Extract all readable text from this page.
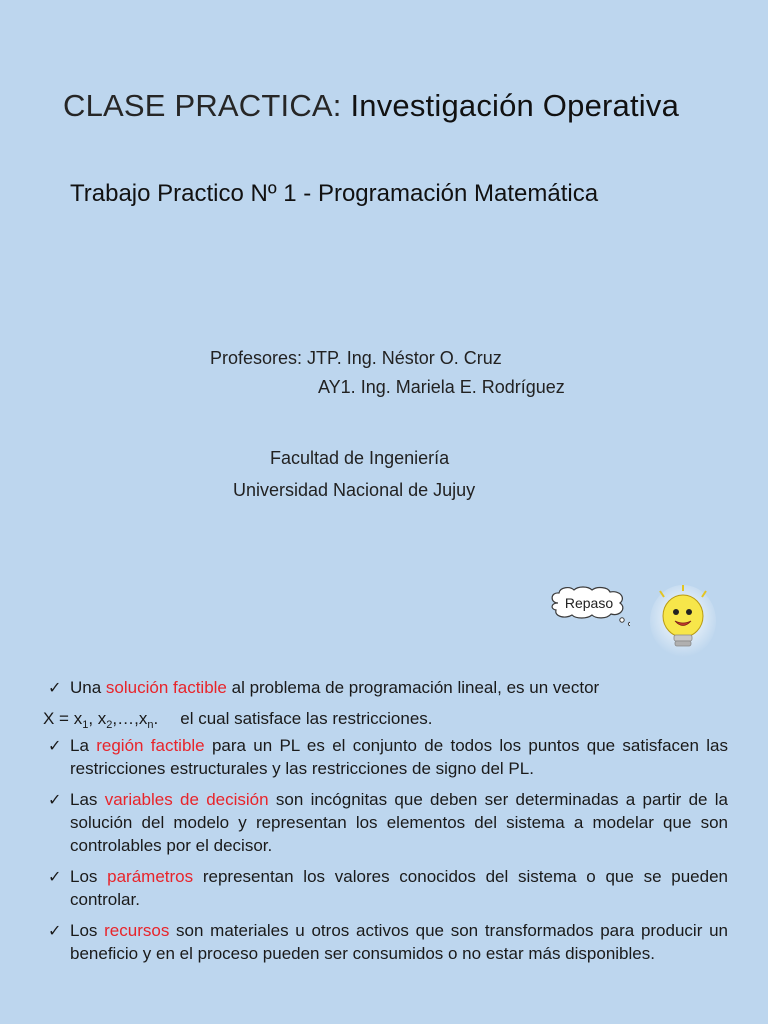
CLASE PRACTICA: Investigación Operativa
Trabajo Practico Nº 1 - Programación Matemática
Profesores: JTP. Ing. Néstor O. Cruz
AY1. Ing. Mariela E. Rodríguez
Facultad de Ingeniería
Universidad Nacional de Jujuy
Repaso
✓ Una solución factible al problema de programación lineal, es un vector
$X = x_1$, $x_2,\dots,x_n$. el cual satisface las restricciones.
✓ La región factible para un PL es el conjunto de todos los puntos que satisfacen las restricciones estructurales y las restricciones de signo del PL.
✓ Las variables de decisión son incógnitas que deben ser determinadas a partir de la solución del modelo y representan los elementos del sistema a modelar que son controlables por el decisor.
✓ Los parámetros representan los valores conocidos del sistema o que se pueden controlar.
✓ Los recursos son materiales u otros activos que son transformados para producir un beneficio y en el proceso pueden ser consumidos o no estar más disponibles.
